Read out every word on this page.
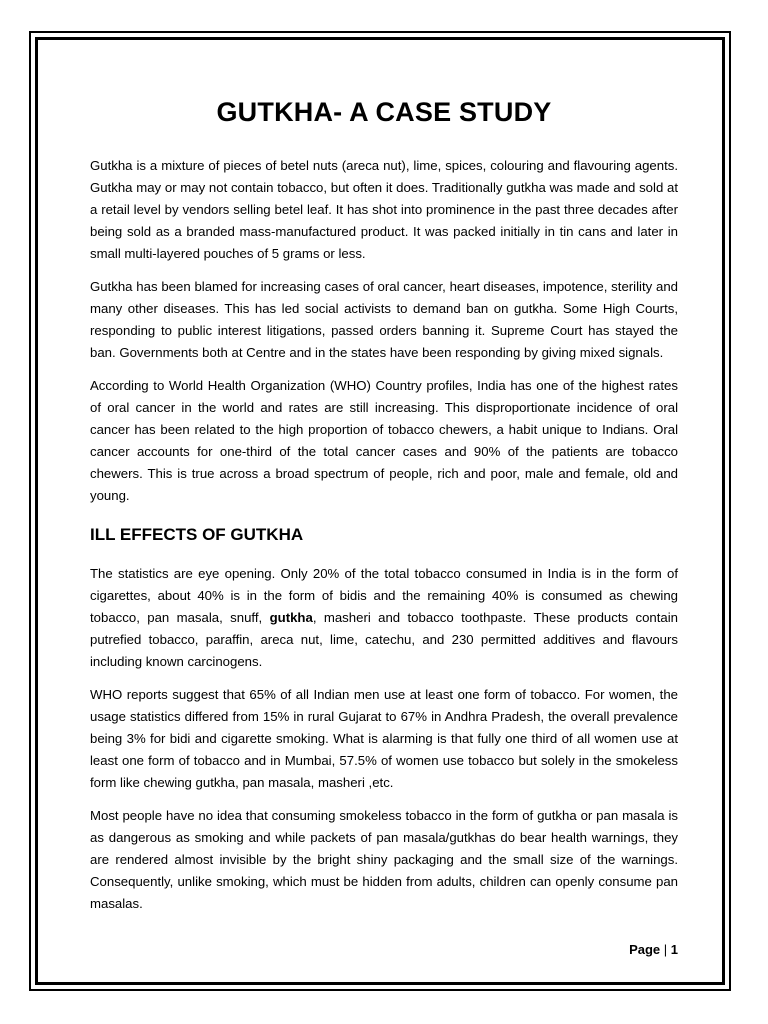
GUTKHA- A CASE STUDY

Gutkha is a mixture of pieces of betel nuts (areca nut), lime, spices, colouring and flavouring agents. Gutkha may or may not contain tobacco, but often it does. Traditionally gutkha was made and sold at a retail level by vendors selling betel leaf. It has shot into prominence in the past three decades after being sold as a branded mass-manufactured product. It was packed initially in tin cans and later in small multi-layered pouches of 5 grams or less.

Gutkha has been blamed for increasing cases of oral cancer, heart diseases, impotence, sterility and many other diseases. This has led social activists to demand ban on gutkha. Some High Courts, responding to public interest litigations, passed orders banning it. Supreme Court has stayed the ban. Governments both at Centre and in the states have been responding by giving mixed signals.

According to World Health Organization (WHO) Country profiles, India has one of the highest rates of oral cancer in the world and rates are still increasing. This disproportionate incidence of oral cancer has been related to the high proportion of tobacco chewers, a habit unique to Indians. Oral cancer accounts for one-third of the total cancer cases and 90% of the patients are tobacco chewers. This is true across a broad spectrum of people, rich and poor, male and female, old and young.

ILL EFFECTS OF GUTKHA

The statistics are eye opening. Only 20% of the total tobacco consumed in India is in the form of cigarettes, about 40% is in the form of bidis and the remaining 40% is consumed as chewing tobacco, pan masala, snuff, gutkha, masheri and tobacco toothpaste. These products contain putrefied tobacco, paraffin, areca nut, lime, catechu, and 230 permitted additives and flavours including known carcinogens.

WHO reports suggest that 65% of all Indian men use at least one form of tobacco. For women, the usage statistics differed from 15% in rural Gujarat to 67% in Andhra Pradesh, the overall prevalence being 3% for bidi and cigarette smoking. What is alarming is that fully one third of all women use at least one form of tobacco and in Mumbai, 57.5% of women use tobacco but solely in the smokeless form like chewing gutkha, pan masala, masheri ,etc.

Most people have no idea that consuming smokeless tobacco in the form of gutkha or pan masala is as dangerous as smoking and while packets of pan masala/gutkhas do bear health warnings, they are rendered almost invisible by the bright shiny packaging and the small size of the warnings. Consequently, unlike smoking, which must be hidden from adults, children can openly consume pan masalas.

Page | 1
